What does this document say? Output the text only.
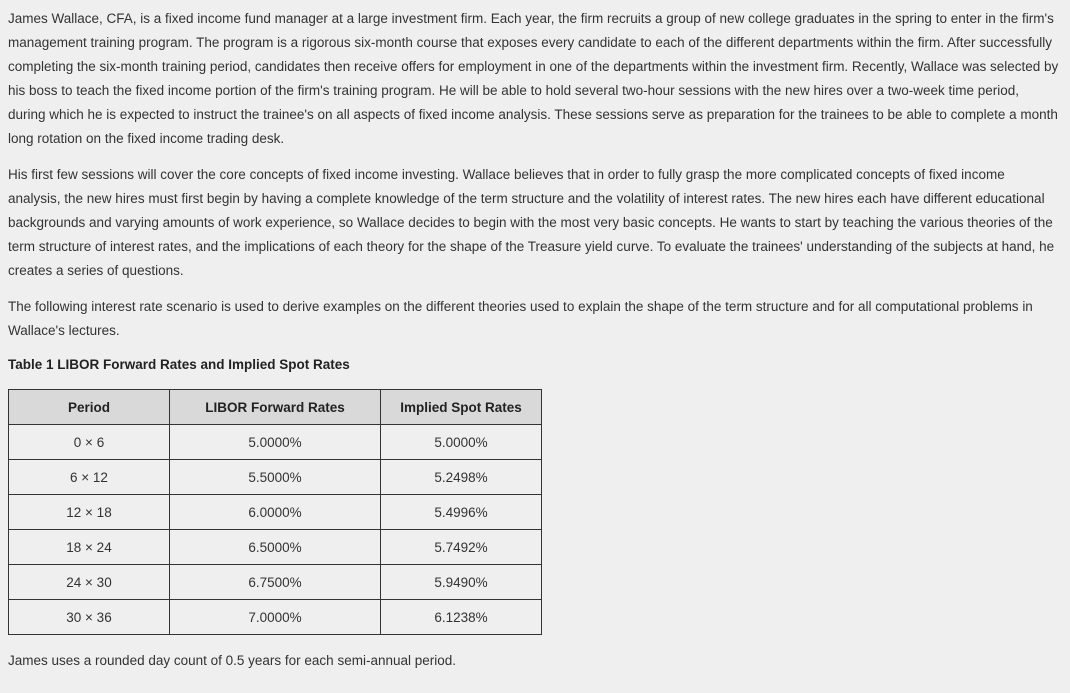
James Wallace, CFA, is a fixed income fund manager at a large investment firm. Each year, the firm recruits a group of new college graduates in the spring to enter in the firm's management training program. The program is a rigorous six-month course that exposes every candidate to each of the different departments within the firm. After successfully completing the six-month training period, candidates then receive offers for employment in one of the departments within the investment firm. Recently, Wallace was selected by his boss to teach the fixed income portion of the firm's training program. He will be able to hold several two-hour sessions with the new hires over a two-week time period, during which he is expected to instruct the trainee's on all aspects of fixed income analysis. These sessions serve as preparation for the trainees to be able to complete a month long rotation on the fixed income trading desk.

His first few sessions will cover the core concepts of fixed income investing. Wallace believes that in order to fully grasp the more complicated concepts of fixed income analysis, the new hires must first begin by having a complete knowledge of the term structure and the volatility of interest rates. The new hires each have different educational backgrounds and varying amounts of work experience, so Wallace decides to begin with the most very basic concepts. He wants to start by teaching the various theories of the term structure of interest rates, and the implications of each theory for the shape of the Treasure yield curve. To evaluate the trainees' understanding of the subjects at hand, he creates a series of questions.

The following interest rate scenario is used to derive examples on the different theories used to explain the shape of the term structure and for all computational problems in Wallace's lectures.

Table 1 LIBOR Forward Rates and Implied Spot Rates
Period	LIBOR Forward Rates	Implied Spot Rates
0 × 6	5.0000%	5.0000%
6 × 12	5.5000%	5.2498%
12 × 18	6.0000%	5.4996%
18 × 24	6.5000%	5.7492%
24 × 30	6.7500%	5.9490%
30 × 36	7.0000%	6.1238%

James uses a rounded day count of 0.5 years for each semi-annual period.
